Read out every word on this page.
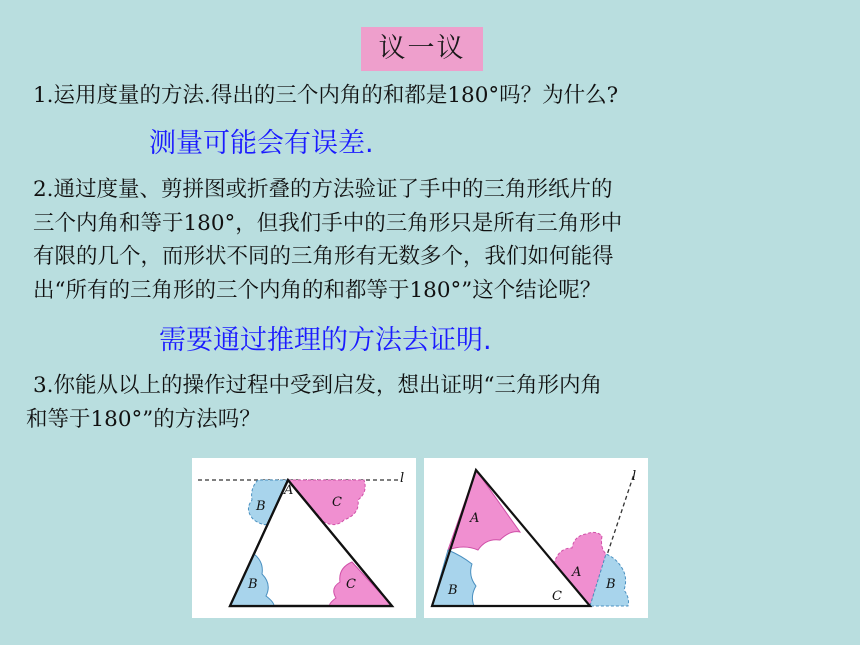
议一议
1.运用度量的方法.得出的三个内角的和都是180°吗？为什么?
测量可能会有误差.
2.通过度量、剪拼图或折叠的方法验证了手中的三角形纸片的
三个内角和等于180°，但我们手中的三角形只是所有三角形中
有限的几个，而形状不同的三角形有无数多个，我们如何能得
出“所有的三角形的三个内角的和都等于180°”这个结论呢？
需要通过推理的方法去证明.
3.你能从以上的操作过程中受到启发，想出证明“三角形内角
和等于180°”的方法吗？
l
B	C
A
B	C
l
A
B
A
B
C
